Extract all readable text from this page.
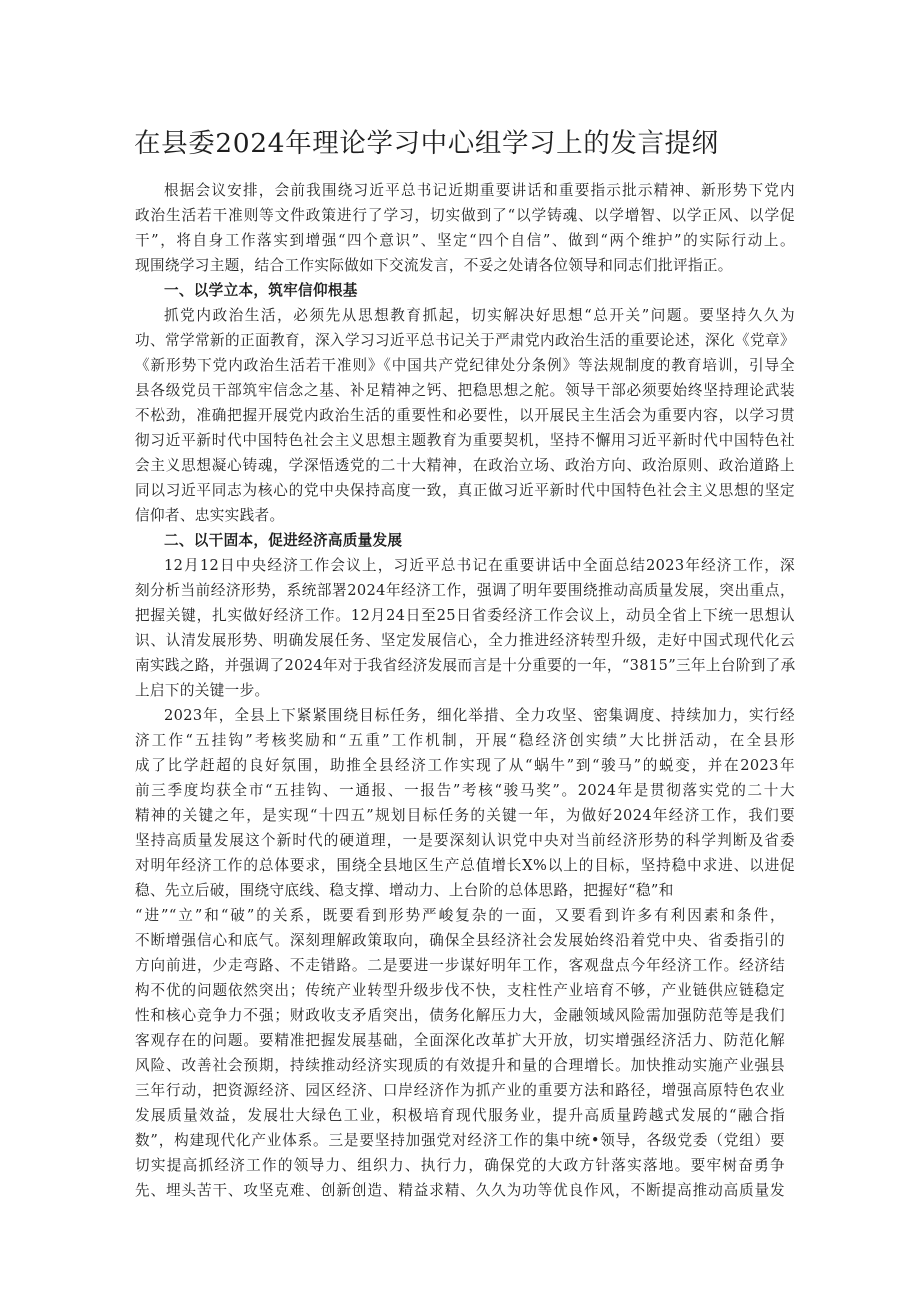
在县委2024年理论学习中心组学习上的发言提纲
根据会议安排，会前我围绕习近平总书记近期重要讲话和重要指示批示精神、新形势下党内
政治生活若干准则等文件政策进行了学习，切实做到了“以学铸魂、以学增智、以学正风、以学促
干”，将自身工作落实到增强“四个意识”、坚定“四个自信”、做到“两个维护”的实际行动上。
现围绕学习主题，结合工作实际做如下交流发言，不妥之处请各位领导和同志们批评指正。
一、以学立本，筑牢信仰根基
抓党内政治生活，必须先从思想教育抓起，切实解决好思想“总开关”问题。要坚持久久为
功、常学常新的正面教育，深入学习习近平总书记关于严肃党内政治生活的重要论述，深化《党章》
《新形势下党内政治生活若干准则》《中国共产党纪律处分条例》等法规制度的教育培训，引导全
县各级党员干部筑牢信念之基、补足精神之钙、把稳思想之舵。领导干部必须要始终坚持理论武装
不松劲，准确把握开展党内政治生活的重要性和必要性，以开展民主生活会为重要内容，以学习贯
彻习近平新时代中国特色社会主义思想主题教育为重要契机，坚持不懈用习近平新时代中国特色社
会主义思想凝心铸魂，学深悟透党的二十大精神，在政治立场、政治方向、政治原则、政治道路上
同以习近平同志为核心的党中央保持高度一致，真正做习近平新时代中国特色社会主义思想的坚定
信仰者、忠实实践者。
二、以干固本，促进经济高质量发展
12月12日中央经济工作会议上，习近平总书记在重要讲话中全面总结2023年经济工作，深
刻分析当前经济形势，系统部署2024年经济工作，强调了明年要围绕推动高质量发展，突出重点，
把握关键，扎实做好经济工作。12月24日至25日省委经济工作会议上，动员全省上下统一思想认
识、认清发展形势、明确发展任务、坚定发展信心，全力推进经济转型升级，走好中国式现代化云
南实践之路，并强调了2024年对于我省经济发展而言是十分重要的一年，“3815”三年上台阶到了承
上启下的关键一步。
2023年，全县上下紧紧围绕目标任务，细化举措、全力攻坚、密集调度、持续加力，实行经
济工作“五挂钩”考核奖励和“五重”工作机制，开展“稳经济创实绩”大比拼活动，在全县形
成了比学赶超的良好氛围，助推全县经济工作实现了从“蜗牛”到“骏马”的蜕变，并在2023年
前三季度均获全市“五挂钩、一通报、一报告”考核“骏马奖”。2024年是贯彻落实党的二十大
精神的关键之年，是实现“十四五”规划目标任务的关键一年，为做好2024年经济工作，我们要
坚持高质量发展这个新时代的硬道理，一是要深刻认识党中央对当前经济形势的科学判断及省委
对明年经济工作的总体要求，围绕全县地区生产总值增长X%以上的目标，坚持稳中求进、以进促
稳、先立后破，围绕守底线、稳支撑、增动力、上台阶的总体思路，把握好“稳”和
“进”“立”和“破”的关系，既要看到形势严峻复杂的一面，又要看到许多有利因素和条件，
不断增强信心和底气。深刻理解政策取向，确保全县经济社会发展始终沿着党中央、省委指引的
方向前进，少走弯路、不走错路。二是要进一步谋好明年工作，客观盘点今年经济工作。经济结
构不优的问题依然突出；传统产业转型升级步伐不快，支柱性产业培育不够，产业链供应链稳定
性和核心竞争力不强；财政收支矛盾突出，债务化解压力大，金融领域风险需加强防范等是我们
客观存在的问题。要精准把握发展基础，全面深化改革扩大开放，切实增强经济活力、防范化解
风险、改善社会预期，持续推动经济实现质的有效提升和量的合理增长。加快推动实施产业强县
三年行动，把资源经济、园区经济、口岸经济作为抓产业的重要方法和路径，增强高原特色农业
发展质量效益，发展壮大绿色工业，积极培育现代服务业，提升高质量跨越式发展的“融合指
数”，构建现代化产业体系。三是要坚持加强党对经济工作的集中统•领导，各级党委（党组）要
切实提高抓经济工作的领导力、组织力、执行力，确保党的大政方针落实落地。要牢树奋勇争
先、埋头苦干、攻坚克难、创新创造、精益求精、久久为功等优良作风，不断提高推动高质量发
